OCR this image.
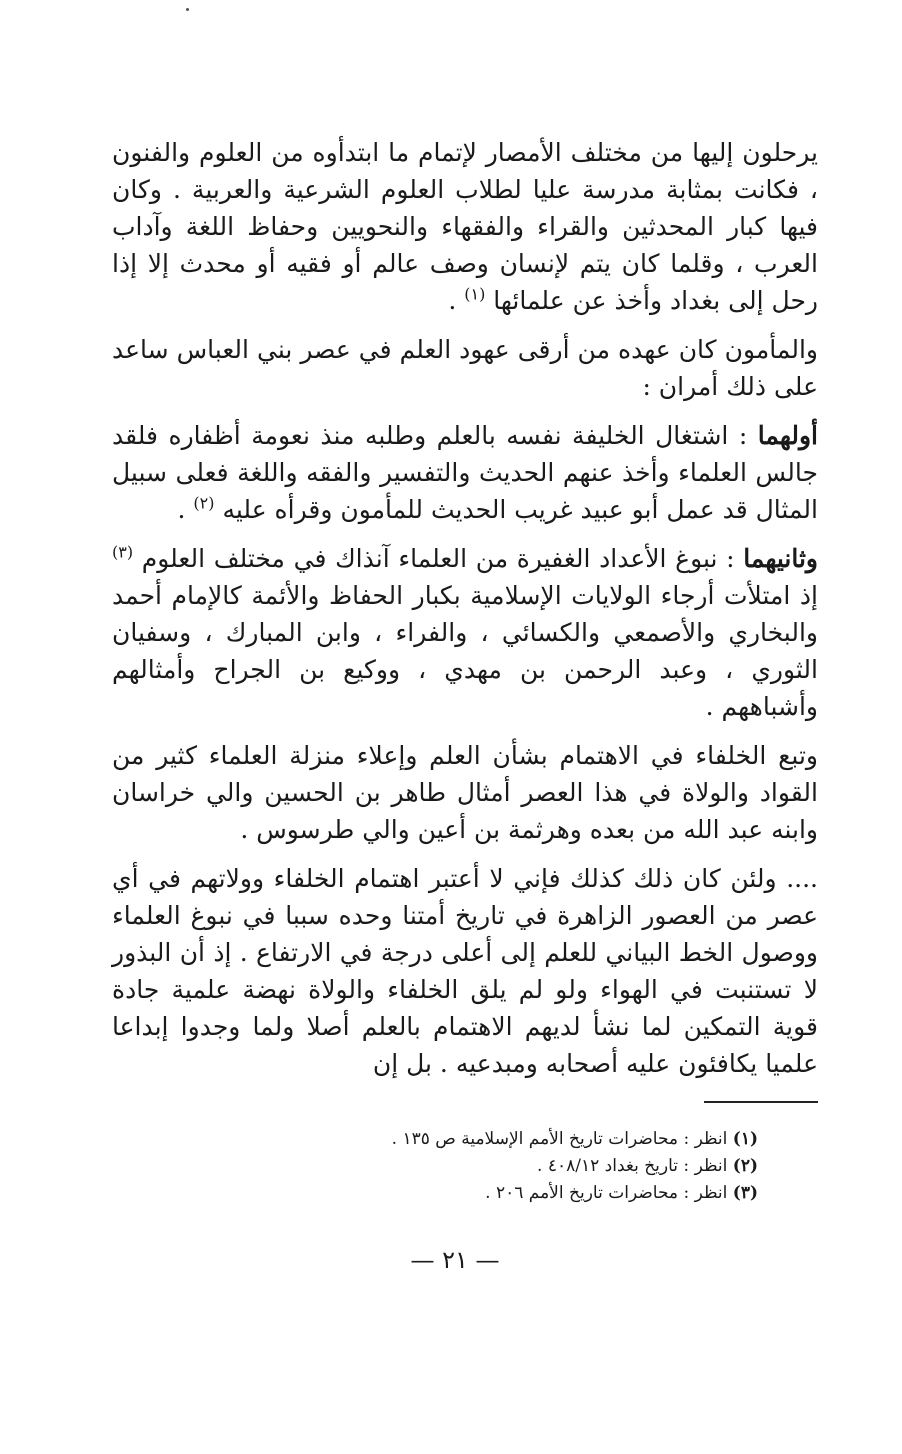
يرحلون إليها من مختلف الأمصار لإتمام ما ابتدأوه من العلوم والفنون ، فكانت بمثابة مدرسة عليا لطلاب العلوم الشرعية والعربية . وكان فيها كبار المحدثين والقراء والفقهاء والنحويين وحفاظ اللغة وآداب العرب ، وقلما كان يتم لإنسان وصف عالم أو فقيه أو محدث إلا إذا رحل إلى بغداد وأخذ عن علمائها $^{(١)}$ .

والمأمون كان عهده من أرقى عهود العلم في عصر بني العباس ساعد على ذلك أمران :

أولهما : اشتغال الخليفة نفسه بالعلم وطلبه منذ نعومة أظفاره فلقد جالس العلماء وأخذ عنهم الحديث والتفسير والفقه واللغة فعلى سبيل المثال قد عمل أبو عبيد غريب الحديث للمأمون وقرأه عليه $^{(٢)}$ .

وثانيهما : نبوغ الأعداد الغفيرة من العلماء آنذاك في مختلف العلوم $^{(٣)}$ إذ امتلأت أرجاء الولايات الإسلامية بكبار الحفاظ والأئمة كالإمام أحمد والبخاري والأصمعي والكسائي ، والفراء ، وابن المبارك ، وسفيان الثوري ، وعبد الرحمن بن مهدي ، ووكيع بن الجراح وأمثالهم وأشباههم .

وتبع الخلفاء في الاهتمام بشأن العلم وإعلاء منزلة العلماء كثير من القواد والولاة في هذا العصر أمثال طاهر بن الحسين والي خراسان وابنه عبد الله من بعده وهرثمة بن أعين والي طرسوس .

.... ولئن كان ذلك كذلك فإني لا أعتبر اهتمام الخلفاء وولاتهم في أي عصر من العصور الزاهرة في تاريخ أمتنا وحده سببا في نبوغ العلماء ووصول الخط البياني للعلم إلى أعلى درجة في الارتفاع . إذ أن البذور لا تستنبت في الهواء ولو لم يلق الخلفاء والولاة نهضة علمية جادة قوية التمكين لما نشأ لديهم الاهتمام بالعلم أصلا ولما وجدوا إبداعا علميا يكافئون عليه أصحابه ومبدعيه . بل إن

(١) انظر : محاضرات تاريخ الأمم الإسلامية ص ١٣٥ .
(٢) انظر : تاريخ بغداد ٤٠٨/١٢ .
(٣) انظر : محاضرات تاريخ الأمم ٢٠٦ .
— ٢١ —
